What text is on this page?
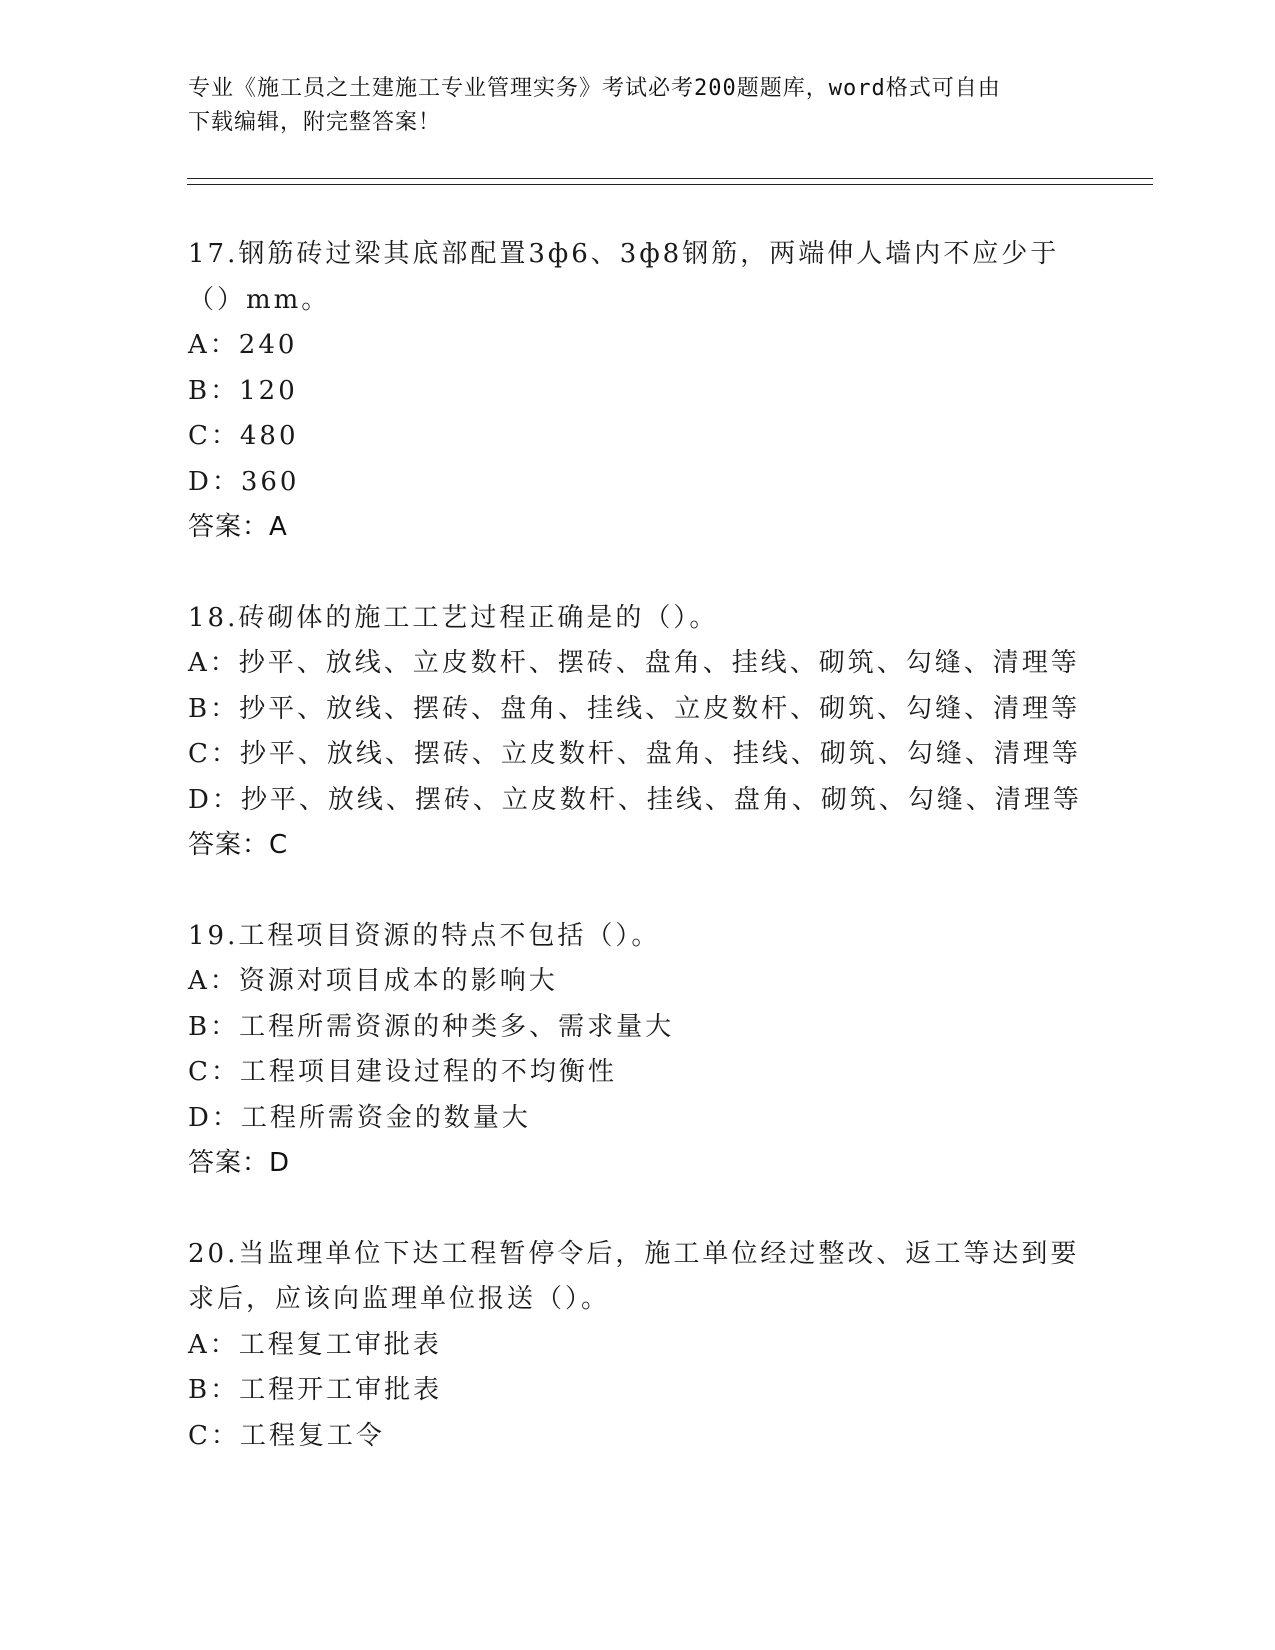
专业《施工员之土建施工专业管理实务》考试必考200题题库，word格式可自由
下载编辑，附完整答案！
17.钢筋砖过梁其底部配置3ф6、3ф8钢筋，两端伸人墙内不应少于
（）mm。
A：240
B：120
C：480
D：360
答案：A
18.砖砌体的施工工艺过程正确是的（）。
A：抄平、放线、立皮数杆、摆砖、盘角、挂线、砌筑、勾缝、清理等
B：抄平、放线、摆砖、盘角、挂线、立皮数杆、砌筑、勾缝、清理等
C：抄平、放线、摆砖、立皮数杆、盘角、挂线、砌筑、勾缝、清理等
D：抄平、放线、摆砖、立皮数杆、挂线、盘角、砌筑、勾缝、清理等
答案：C
19.工程项目资源的特点不包括（）。
A：资源对项目成本的影响大
B：工程所需资源的种类多、需求量大
C：工程项目建设过程的不均衡性
D：工程所需资金的数量大
答案：D
20.当监理单位下达工程暂停令后，施工单位经过整改、返工等达到要
求后，应该向监理单位报送（）。
A：工程复工审批表
B：工程开工审批表
C：工程复工令
